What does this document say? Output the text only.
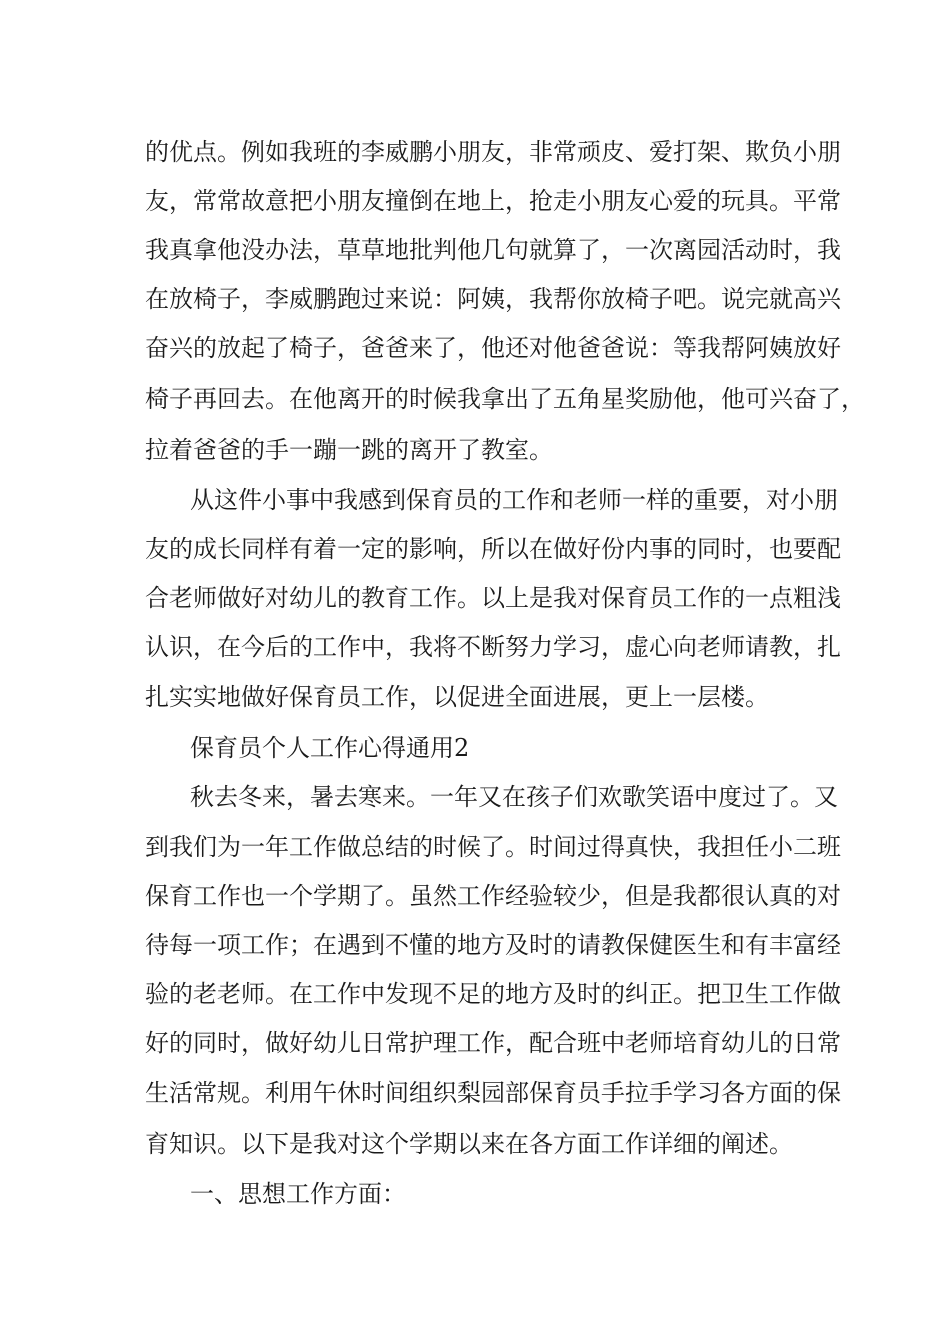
的优点。例如我班的李威鹏小朋友，非常顽皮、爱打架、欺负小朋
友，常常故意把小朋友撞倒在地上，抢走小朋友心爱的玩具。平常
我真拿他没办法，草草地批判他几句就算了，一次离园活动时，我
在放椅子，李威鹏跑过来说：阿姨，我帮你放椅子吧。说完就高兴
奋兴的放起了椅子，爸爸来了，他还对他爸爸说：等我帮阿姨放好
椅子再回去。在他离开的时候我拿出了五角星奖励他，他可兴奋了，
拉着爸爸的手一蹦一跳的离开了教室。
从这件小事中我感到保育员的工作和老师一样的重要，对小朋
友的成长同样有着一定的影响，所以在做好份内事的同时，也要配
合老师做好对幼儿的教育工作。以上是我对保育员工作的一点粗浅
认识，在今后的工作中，我将不断努力学习，虚心向老师请教，扎
扎实实地做好保育员工作，以促进全面进展，更上一层楼。
保育员个人工作心得通用2
秋去冬来，暑去寒来。一年又在孩子们欢歌笑语中度过了。又
到我们为一年工作做总结的时候了。时间过得真快，我担任小二班
保育工作也一个学期了。虽然工作经验较少，但是我都很认真的对
待每一项工作；在遇到不懂的地方及时的请教保健医生和有丰富经
验的老老师。在工作中发现不足的地方及时的纠正。把卫生工作做
好的同时，做好幼儿日常护理工作，配合班中老师培育幼儿的日常
生活常规。利用午休时间组织梨园部保育员手拉手学习各方面的保
育知识。以下是我对这个学期以来在各方面工作详细的阐述。
一、思想工作方面：
